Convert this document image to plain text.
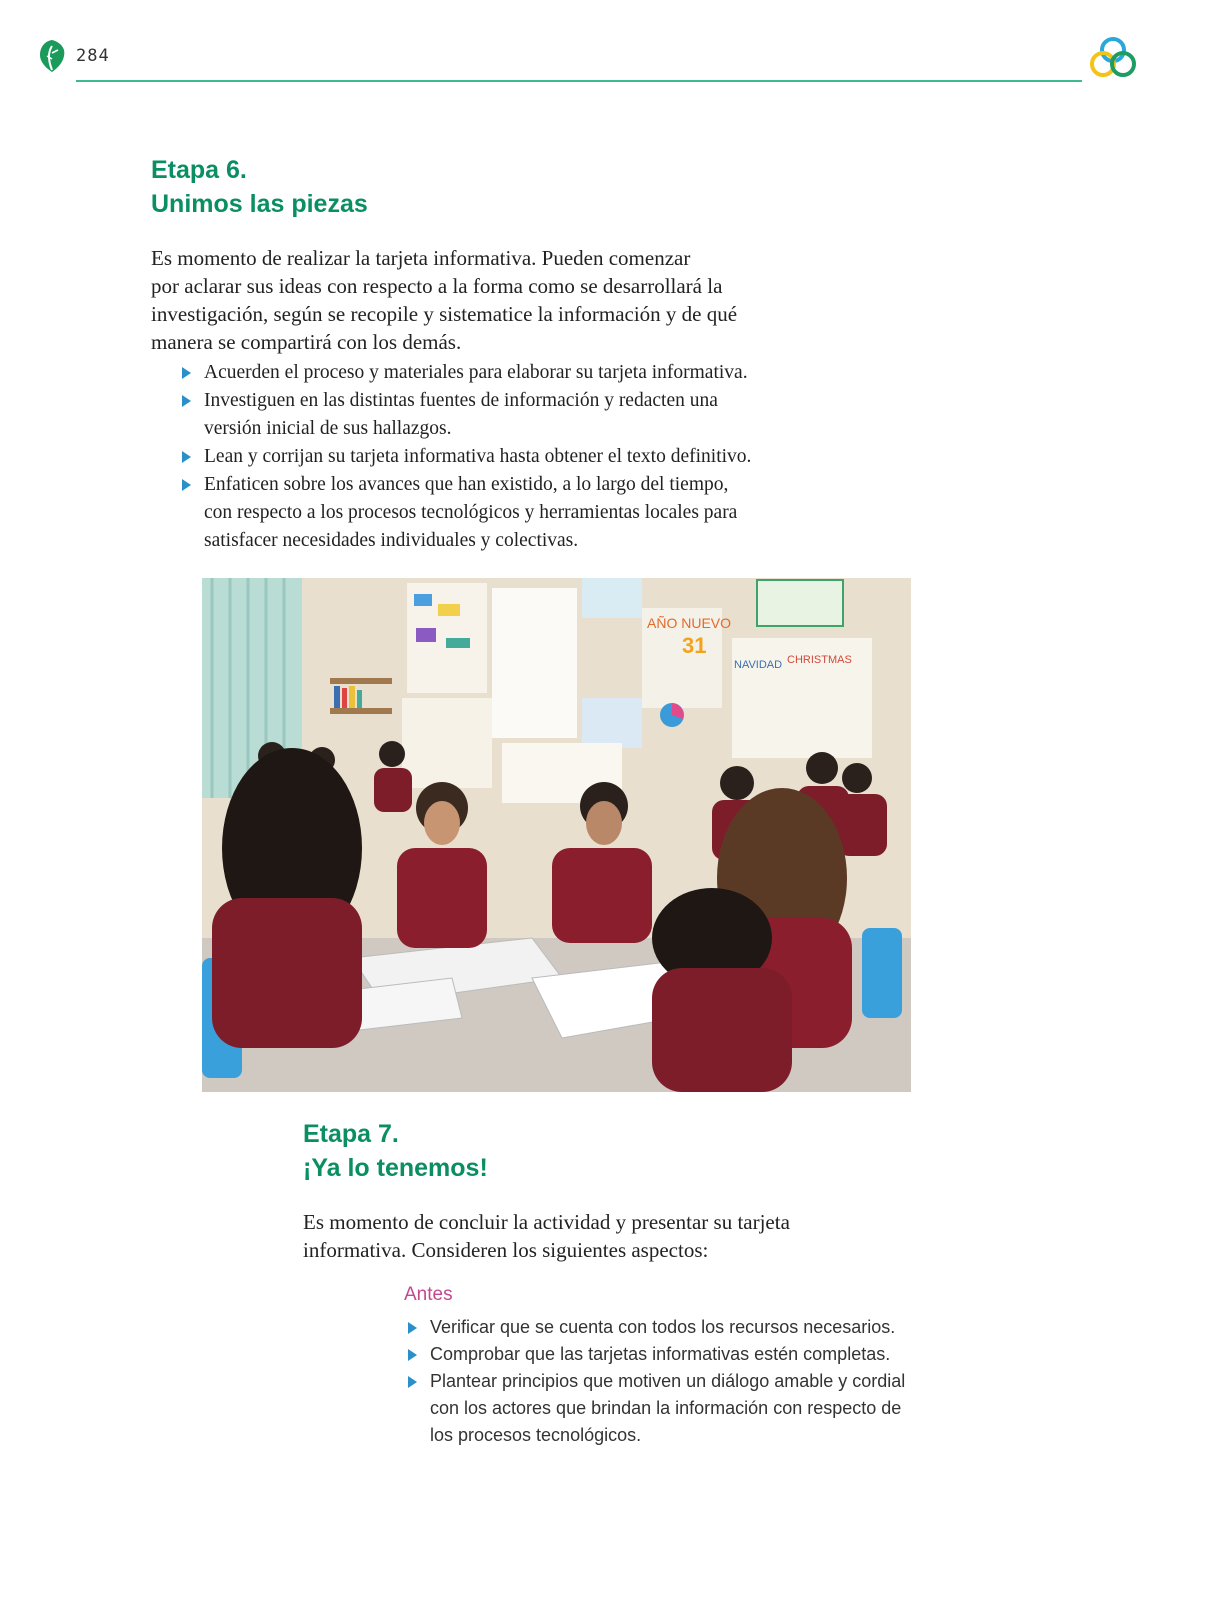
284
Etapa 6.
Unimos las piezas
Es momento de realizar la tarjeta informativa. Pueden comenzar
por aclarar sus ideas con respecto a la forma como se desarrollará la
investigación, según se recopile y sistematice la información y de qué
manera se compartirá con los demás.
Acuerden el proceso y materiales para elaborar su tarjeta informativa.
Investiguen en las distintas fuentes de información y redacten una
versión inicial de sus hallazgos.
Lean y corrijan su tarjeta informativa hasta obtener el texto definitivo.
Enfaticen sobre los avances que han existido, a lo largo del tiempo,
con respecto a los procesos tecnológicos y herramientas locales para
satisfacer necesidades individuales y colectivas.
AÑO NUEVO
31
NAVIDAD CHRISTMAS
Etapa 7.
¡Ya lo tenemos!
Es momento de concluir la actividad y presentar su tarjeta
informativa. Consideren los siguientes aspectos:

Antes

Verificar que se cuenta con todos los recursos necesarios.
Comprobar que las tarjetas informativas estén completas.
Plantear principios que motiven un diálogo amable y cordial
con los actores que brindan la información con respecto de
los procesos tecnológicos.
